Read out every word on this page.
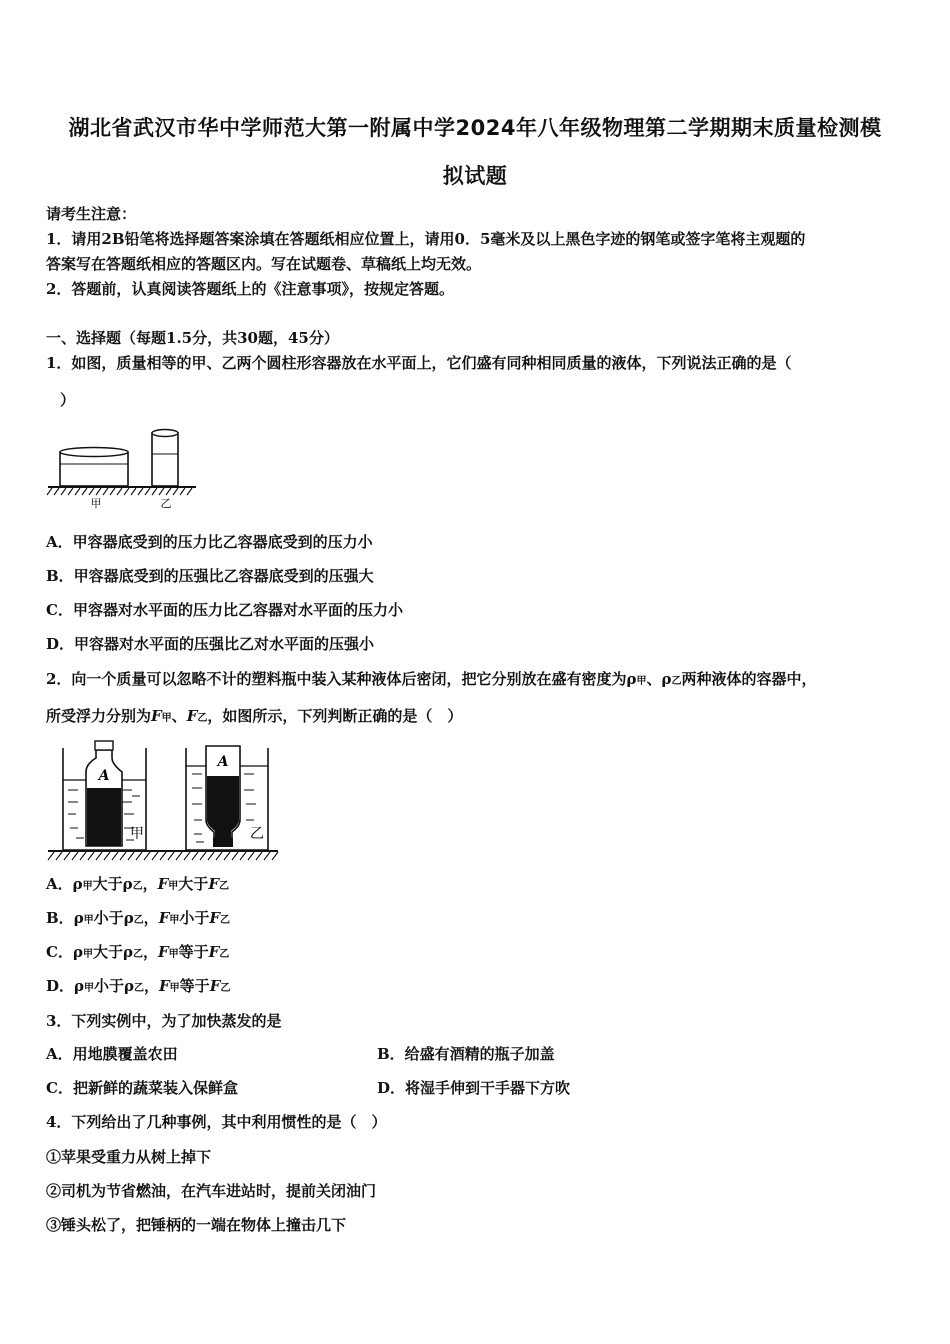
湖北省武汉市华中学师范大第一附属中学2024年八年级物理第二学期期末质量检测模
拟试题
请考生注意：
1．请用2B铅笔将选择题答案涂填在答题纸相应位置上，请用0．5毫米及以上黑色字迹的钢笔或签字笔将主观题的
答案写在答题纸相应的答题区内。写在试题卷、草稿纸上均无效。
2．答题前，认真阅读答题纸上的《注意事项》，按规定答题。
一、选择题（每题1.5分，共30题，45分）
1．如图，质量相等的甲、乙两个圆柱形容器放在水平面上，它们盛有同种相同质量的液体，下列说法正确的是（
）
甲	乙
A．甲容器底受到的压力比乙容器底受到的压力小
B．甲容器底受到的压强比乙容器底受到的压强大
C．甲容器对水平面的压力比乙容器对水平面的压力小
D．甲容器对水平面的压强比乙对水平面的压强小
2．向一个质量可以忽略不计的塑料瓶中装入某种液体后密闭，把它分别放在盛有密度为ρ甲、ρ乙两种液体的容器中，
所受浮力分别为F甲、F乙，如图所示，下列判断正确的是（　）
A
甲
A
乙
A．ρ甲大于ρ乙，F甲大于F乙
B．ρ甲小于ρ乙，F甲小于F乙
C．ρ甲大于ρ乙，F甲等于F乙
D．ρ甲小于ρ乙，F甲等于F乙
3．下列实例中，为了加快蒸发的是
A．用地膜覆盖农田	B．给盛有酒精的瓶子加盖
C．把新鲜的蔬菜装入保鲜盒	D．将湿手伸到干手器下方吹
4．下列给出了几种事例，其中利用惯性的是（　）
①苹果受重力从树上掉下
②司机为节省燃油，在汽车进站时，提前关闭油门
③锤头松了，把锤柄的一端在物体上撞击几下
